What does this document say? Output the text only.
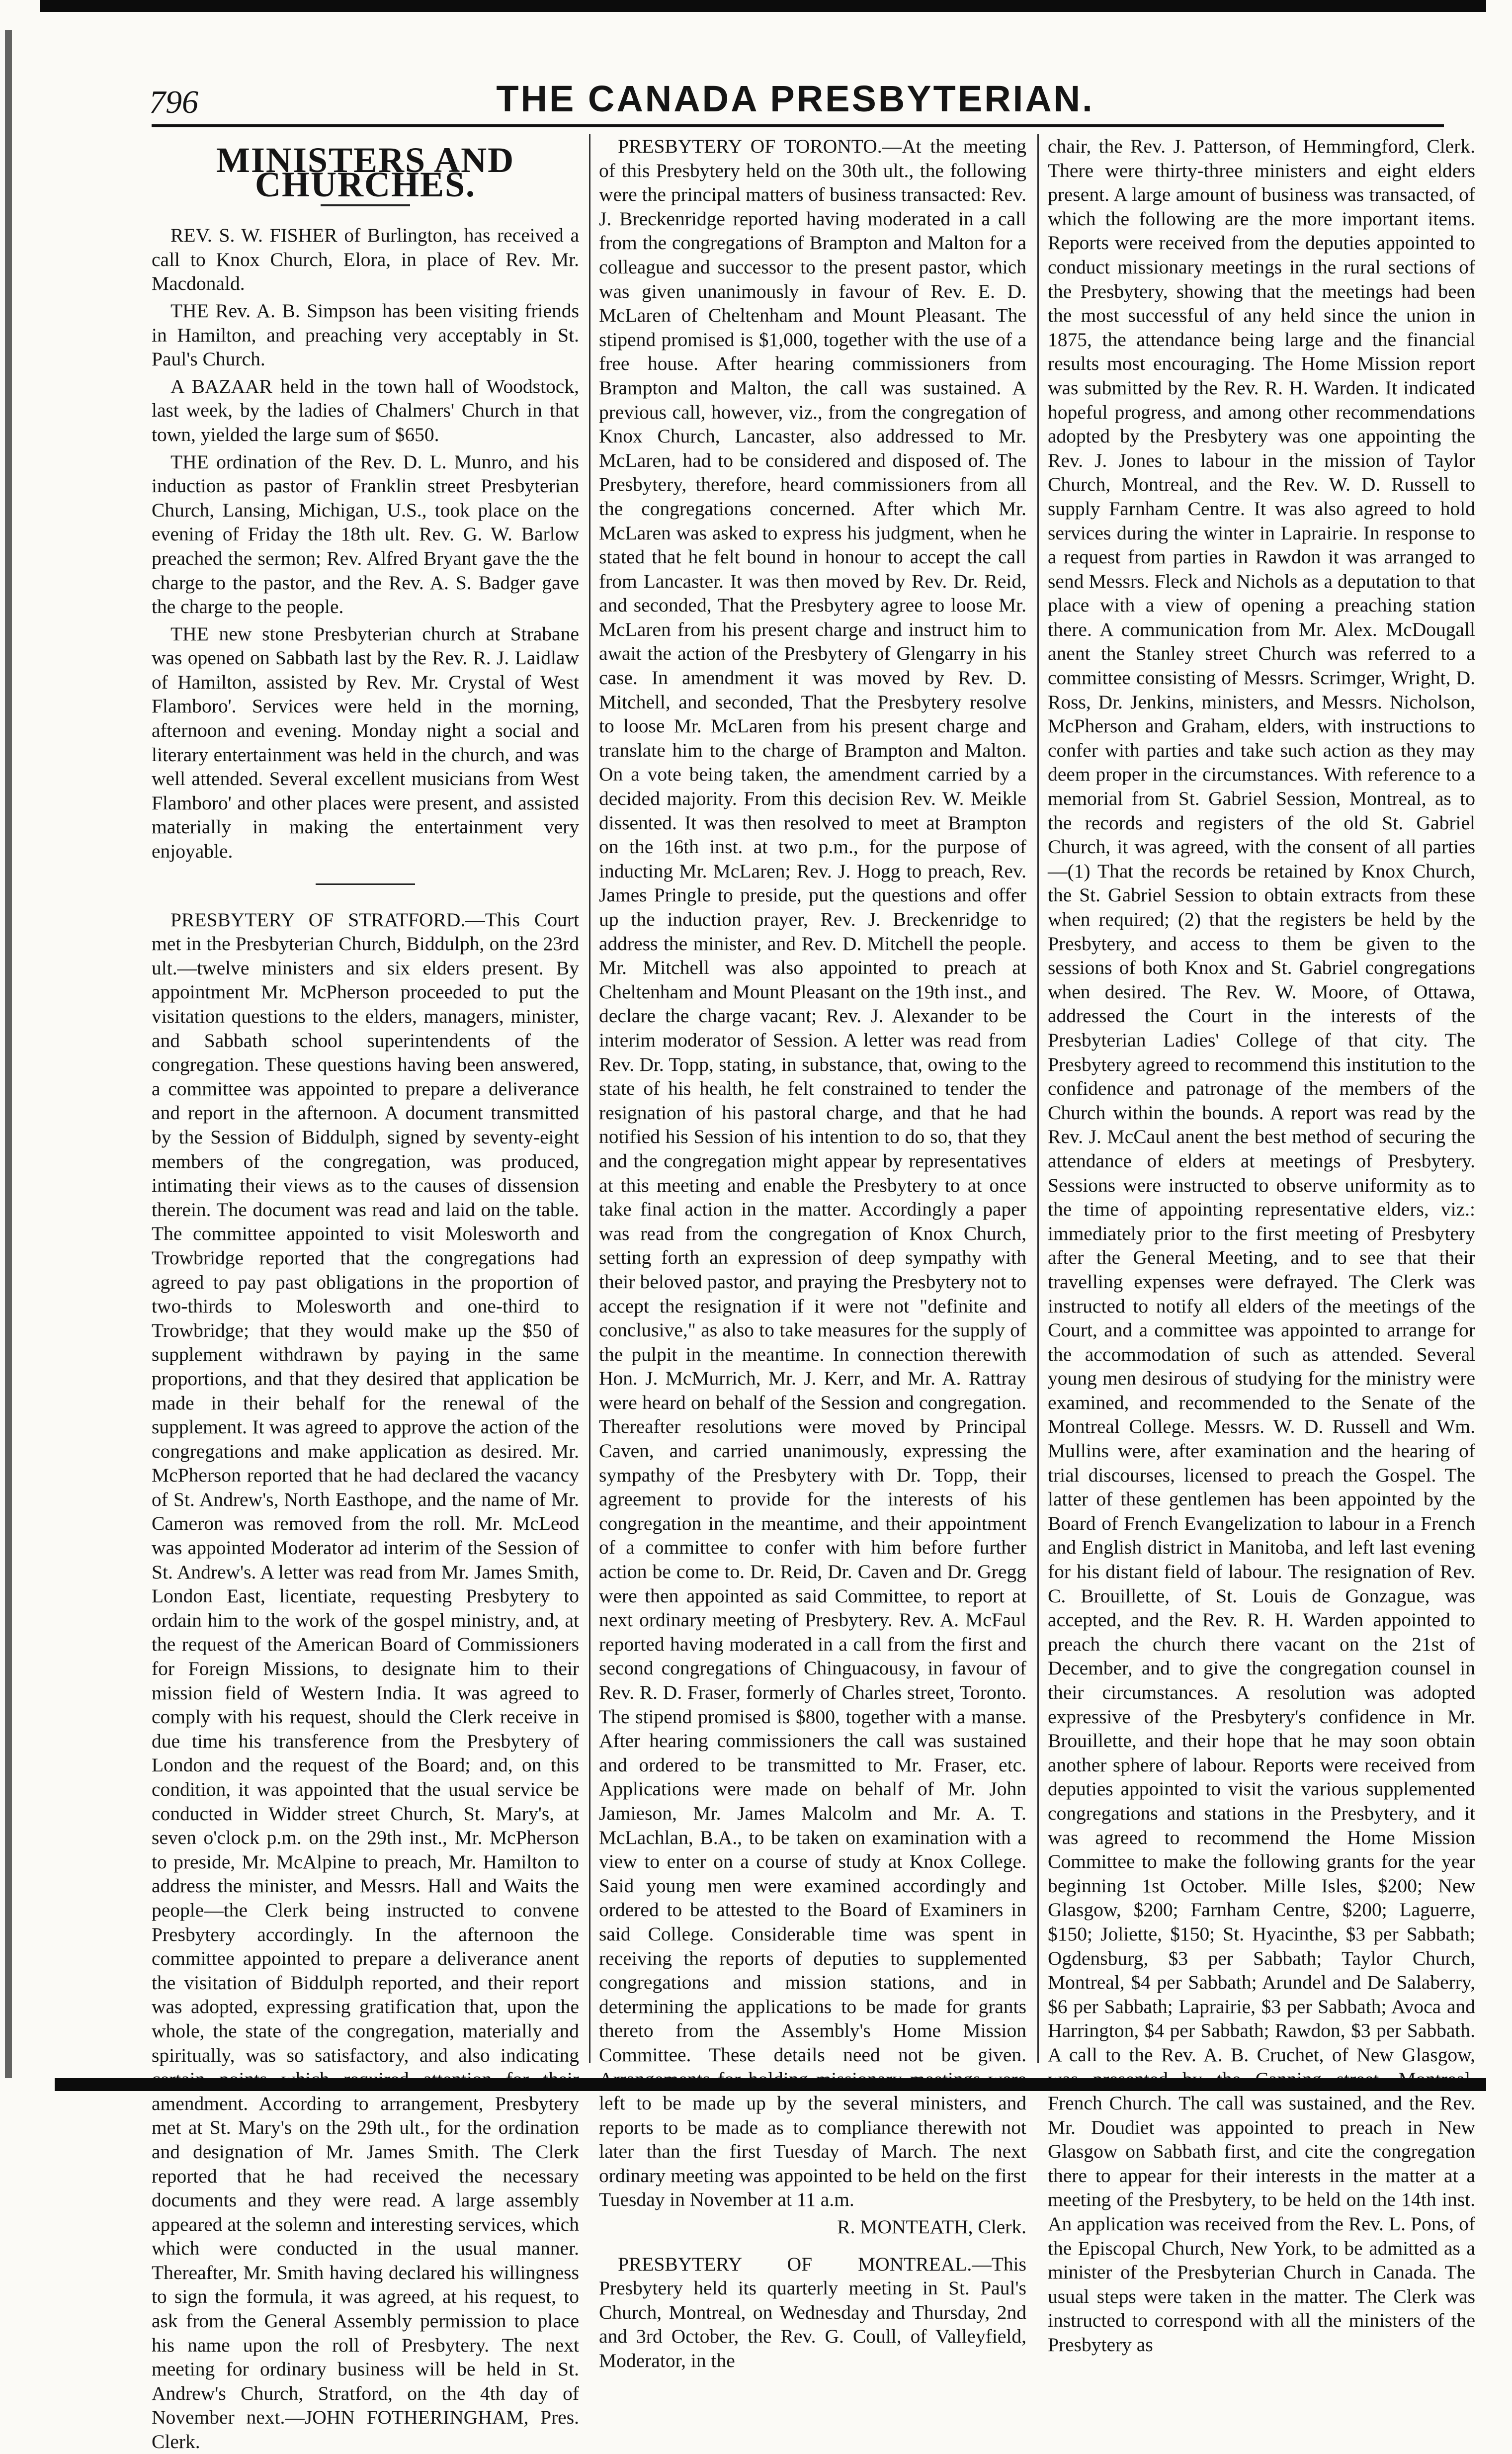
796	THE CANADA PRESBYTERIAN.
MINISTERS AND CHURCHES.

REV. S. W. FISHER of Burlington, has received a call to Knox Church, Elora, in place of Rev. Mr. Macdonald.

THE Rev. A. B. Simpson has been visiting friends in Hamilton, and preaching very acceptably in St. Paul's Church.

A BAZAAR held in the town hall of Woodstock, last week, by the ladies of Chalmers' Church in that town, yielded the large sum of $650.

THE ordination of the Rev. D. L. Munro, and his induction as pastor of Franklin street Presbyterian Church, Lansing, Michigan, U.S., took place on the evening of Friday the 18th ult. Rev. G. W. Barlow preached the sermon; Rev. Alfred Bryant gave the the charge to the pastor, and the Rev. A. S. Badger gave the charge to the people.

THE new stone Presbyterian church at Strabane was opened on Sabbath last by the Rev. R. J. Laidlaw of Hamilton, assisted by Rev. Mr. Crystal of West Flamboro'. Services were held in the morning, afternoon and evening. Monday night a social and literary entertainment was held in the church, and was well attended. Several excellent musicians from West Flamboro' and other places were present, and assisted materially in making the entertainment very enjoyable.

PRESBYTERY OF STRATFORD.—This Court met in the Presbyterian Church, Biddulph, on the 23rd ult.—twelve ministers and six elders present. By appointment Mr. McPherson proceeded to put the visitation questions to the elders, managers, minister, and Sabbath school superintendents of the congregation. These questions having been answered, a committee was appointed to prepare a deliverance and report in the afternoon. A document transmitted by the Session of Biddulph, signed by seventy-eight members of the congregation, was produced, intimating their views as to the causes of dissension therein. The document was read and laid on the table. The committee appointed to visit Molesworth and Trowbridge reported that the congregations had agreed to pay past obligations in the proportion of two-thirds to Molesworth and one-third to Trowbridge; that they would make up the $50 of supplement withdrawn by paying in the same proportions, and that they desired that application be made in their behalf for the renewal of the supplement. It was agreed to approve the action of the congregations and make application as desired. Mr. McPherson reported that he had declared the vacancy of St. Andrew's, North Easthope, and the name of Mr. Cameron was removed from the roll. Mr. McLeod was appointed Moderator ad interim of the Session of St. Andrew's. A letter was read from Mr. James Smith, London East, licentiate, requesting Presbytery to ordain him to the work of the gospel ministry, and, at the request of the American Board of Commissioners for Foreign Missions, to designate him to their mission field of Western India. It was agreed to comply with his request, should the Clerk receive in due time his transference from the Presbytery of London and the request of the Board; and, on this condition, it was appointed that the usual service be conducted in Widder street Church, St. Mary's, at seven o'clock p.m. on the 29th inst., Mr. McPherson to preside, Mr. McAlpine to preach, Mr. Hamilton to address the minister, and Messrs. Hall and Waits the people—the Clerk being instructed to convene Presbytery accordingly. In the afternoon the committee appointed to prepare a deliverance anent the visitation of Biddulph reported, and their report was adopted, expressing gratification that, upon the whole, the state of the congregation, materially and spiritually, was so satisfactory, and also indicating amendment. According to arrangement, Presbytery met at St. Mary's on the 29th ult., for the ordination and designation of Mr. James Smith. The Clerk reported that he had received the necessary documents and they were read. A large assembly appeared at the solemn and interesting services, which which were conducted in the usual manner. Thereafter, Mr. Smith having declared his willingness to sign the formula, it was agreed, at his request, to ask from the General Assembly permission to place his name upon the roll of Presbytery. The next meeting for ordinary business will be held in St. Andrew's Church, Stratford, on the 4th day of November next.—JOHN FOTHERINGHAM, Pres. Clerk.

PRESBYTERY OF TORONTO.—At the meeting of this Presbytery held on the 30th ult., the following were the principal matters of business transacted: Rev. J. Breckenridge reported having moderated in a call from the congregations of Brampton and Malton for a colleague and successor to the present pastor, which was given unanimously in favour of Rev. E. D. McLaren of Cheltenham and Mount Pleasant. The stipend promised is $1,000, together with the use of a free house. After hearing commissioners from Brampton and Malton, the call was sustained. A previous call, however, viz., from the congregation of Knox Church, Lancaster, also addressed to Mr. McLaren, had to be considered and disposed of. The Presbytery, therefore, heard commissioners from all the congregations concerned. After which Mr. McLaren was asked to express his judgment, when he stated that he felt bound in honour to accept the call from Lancaster. It was then moved by Rev. Dr. Reid, and seconded, That the Presbytery agree to loose Mr. McLaren from his present charge and instruct him to await the action of the Presbytery of Glengarry in his case. In amendment it was moved by Rev. D. Mitchell, and seconded, That the Presbytery resolve to loose Mr. McLaren from his present charge and translate him to the charge of Brampton and Malton. On a vote being taken, the amendment carried by a decided majority. From this decision Rev. W. Meikle dissented. It was then resolved to meet at Brampton on the 16th inst. at two p.m., for the purpose of inducting Mr. McLaren; Rev. J. Hogg to preach, Rev. James Pringle to preside, put the questions and offer up the induction prayer, Rev. J. Breckenridge to address the minister, and Rev. D. Mitchell the people. Mr. Mitchell was also appointed to preach at Cheltenham and Mount Pleasant on the 19th inst., and declare the charge vacant; Rev. J. Alexander to be interim moderator of Session. A letter was read from Rev. Dr. Topp, stating, in substance, that, owing to the state of his health, he felt constrained to tender the resignation of his pastoral charge, and that he had notified his Session of his intention to do so, that they and the congregation might appear by representatives at this meeting and enable the Presbytery to at once take final action in the matter. Accordingly a paper was read from the congregation of Knox Church, setting forth an expression of deep sympathy with their beloved pastor, and praying the Presbytery not to accept the resignation if it were not "definite and conclusive," as also to take measures for the supply of the pulpit in the meantime. In connection therewith Hon. J. McMurrich, Mr. J. Kerr, and Mr. A. Rattray were heard on behalf of the Session and congregation. Thereafter resolutions were moved by Principal Caven, and carried unanimously, expressing the sympathy of the Presbytery with Dr. Topp, their agreement to provide for the interests of his congregation in the meantime, and their appointment of a committee to confer with him before further action be come to. Dr. Reid, Dr. Caven and Dr. Gregg were then appointed as said Committee, to report at next ordinary meeting of Presbytery. Rev. A. McFaul reported having moderated in a call from the first and second congregations of Chinguacousy, in favour of Rev. R. D. Fraser, formerly of Charles street, Toronto. The stipend promised is $800, together with a manse. After hearing commissioners the call was sustained and ordered to be transmitted to Mr. Fraser, etc. Applications were made on behalf of Mr. John Jamieson, Mr. James Malcolm and Mr. A. T. McLachlan, B.A., to be taken on examination with a view to enter on a course of study at Knox College. Said young men were examined accordingly and ordered to be attested to the Board of Examiners in said College. Considerable time was spent in receiving the reports of deputies to supplemented congregations and mission stations, and in determining the applications to be made for grants thereto from the Assembly's Home Mission Committee. These details need not be given. left to be made up by the several ministers, and reports to be made as to compliance therewith not later than the first Tuesday of March. The next ordinary meeting was appointed to be held on the first Tuesday in November at 11 a.m.

R. MONTEATH, Clerk.

PRESBYTERY OF MONTREAL.—This Presbytery held its quarterly meeting in St. Paul's Church, Montreal, on Wednesday and Thursday, 2nd and 3rd October, the Rev. G. Coull, of Valleyfield, Moderator, in the

chair, the Rev. J. Patterson, of Hemmingford, Clerk. There were thirty-three ministers and eight elders present. A large amount of business was transacted, of which the following are the more important items. Reports were received from the deputies appointed to conduct missionary meetings in the rural sections of the Presbytery, showing that the meetings had been the most successful of any held since the union in 1875, the attendance being large and the financial results most encouraging. The Home Mission report was submitted by the Rev. R. H. Warden. It indicated hopeful progress, and among other recommendations adopted by the Presbytery was one appointing the Rev. J. Jones to labour in the mission of Taylor Church, Montreal, and the Rev. W. D. Russell to supply Farnham Centre. It was also agreed to hold services during the winter in Laprairie. In response to a request from parties in Rawdon it was arranged to send Messrs. Fleck and Nichols as a deputation to that place with a view of opening a preaching station there. A communication from Mr. Alex. McDougall anent the Stanley street Church was referred to a committee consisting of Messrs. Scrimger, Wright, D. Ross, Dr. Jenkins, ministers, and Messrs. Nicholson, McPherson and Graham, elders, with instructions to confer with parties and take such action as they may deem proper in the circumstances. With reference to a memorial from St. Gabriel Session, Montreal, as to the records and registers of the old St. Gabriel Church, it was agreed, with the consent of all parties—(1) That the records be retained by Knox Church, the St. Gabriel Session to obtain extracts from these when required; (2) that the registers be held by the Presbytery, and access to them be given to the sessions of both Knox and St. Gabriel congregations when desired. The Rev. W. Moore, of Ottawa, addressed the Court in the interests of the Presbyterian Ladies' College of that city. The Presbytery agreed to recommend this institution to the confidence and patronage of the members of the Church within the bounds. A report was read by the Rev. J. McCaul anent the best method of securing the attendance of elders at meetings of Presbytery. Sessions were instructed to observe uniformity as to the time of appointing representative elders, viz.: immediately prior to the first meeting of Presbytery after the General Meeting, and to see that their travelling expenses were defrayed. The Clerk was instructed to notify all elders of the meetings of the Court, and a committee was appointed to arrange for the accommodation of such as attended. Several young men desirous of studying for the ministry were examined, and recommended to the Senate of the Montreal College. Messrs. W. D. Russell and Wm. Mullins were, after examination and the hearing of trial discourses, licensed to preach the Gospel. The latter of these gentlemen has been appointed by the Board of French Evangelization to labour in a French and English district in Manitoba, and left last evening for his distant field of labour. The resignation of Rev. C. Brouillette, of St. Louis de Gonzague, was accepted, and the Rev. R. H. Warden appointed to preach the church there vacant on the 21st of December, and to give the congregation counsel in their circumstances. A resolution was adopted expressive of the Presbytery's confidence in Mr. Brouillette, and their hope that he may soon obtain another sphere of labour. Reports were received from deputies appointed to visit the various supplemented congregations and stations in the Presbytery, and it was agreed to recommend the Home Mission Committee to make the following grants for the year beginning 1st October. Mille Isles, $200; New Glasgow, $200; Farnham Centre, $200; Laguerre, $150; Joliette, $150; St. Hyacinthe, $3 per Sabbath; Ogdensburg, $3 per Sabbath; Taylor Church, Montreal, $4 per Sabbath; Arundel and De Salaberry, $6 per Sabbath; Laprairie, $3 per Sabbath; Avoca and Harrington, $4 per Sabbath; Rawdon, $3 per Sabbath. A call to the Rev. A. B. Cruchet, of New Glasgow, French Church. The call was sustained, and the Rev. Mr. Doudiet was appointed to preach in New Glasgow on Sabbath first, and cite the congregation there to appear for their interests in the matter at a meeting of the Presbytery, to be held on the 14th inst. An application was received from the Rev. L. Pons, of the Episcopal Church, New York, to be admitted as a minister of the Presbyterian Church in Canada. The usual steps were taken in the matter. The Clerk was instructed to correspond with all the ministers of the Presbytery as
